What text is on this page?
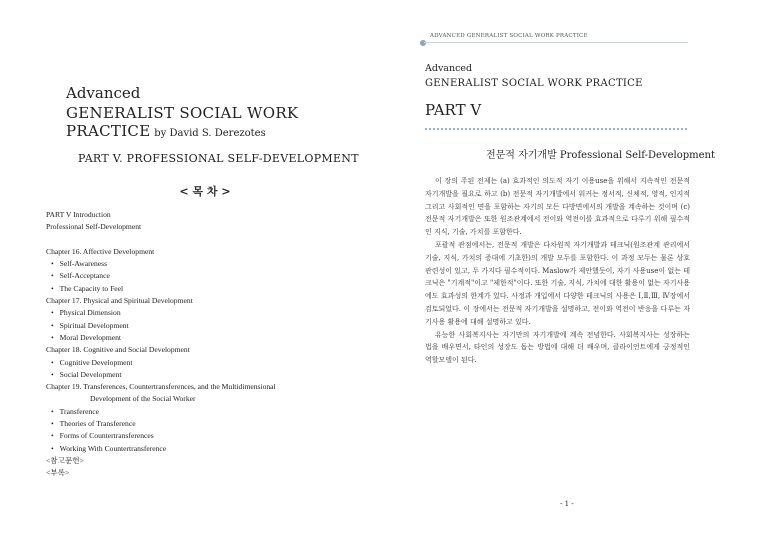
Advanced
GENERALIST SOCIAL WORK PRACTICE by David S. Derezotes
PART V. PROFESSIONAL SELF-DEVELOPMENT
< 목 차 >
PART V Introduction
Professional Self-Development

Chapter 16. Affective Development
• Self-Awareness
• Self-Acceptance
• The Capacity to Feel
Chapter 17. Physical and Spiritual Development
• Physical Dimension
• Spiritual Development
• Moral Development
Chapter 18. Cognitive and Social Development
• Cognitive Development
• Social Development
Chapter 19. Transferences, Countertransferences, and the Multidimensional
Development of the Social Worker
• Transference
• Theories of Transference
• Forms of Countertransferences
• Working With Countertransference
<참고문헌>
<부록>
ADVANCED GENERALIST SOCIAL WORK PRACTICE
Advanced
GENERALIST SOCIAL WORK PRACTICE
PART V
전문적 자기개발 Professional Self-Development

이 장의 주된 전제는 (a) 효과적인 의도적 자기 이용use을 위해서 지속적인 전문적 자기개발을 필요로 하고 (b) 전문적 자기개발에서 워커는 정서적, 신체적, 영적, 인지적 그리고 사회적인 면을 포함하는 자기의 모든 다방면에서의 개발을 계속하는 것이며 (c) 전문적 자기개발은 또한 원조관계에서 전이와 역전이를 효과적으로 다루기 위해 필수적인 지식, 기술, 가치를 포함한다.

포괄적 관점에서는, 전문적 개발은 다차원적 자기개발과 테크닉(원조관계 관리에서 기술, 지식, 가치의 증대에 기초한)의 개발 모두를 포함한다. 이 과정 모두는 물론 상호관련성이 있고, 두 가지다 필수적이다. Maslow가 제안했듯이, 자기 사용use이 없는 테크닉은 "기계적"이고 "제한적"이다. 또한 기술, 지식, 가치에 대한 활용이 없는 자기사용에도 효과성의 한계가 있다. 사정과 개입에서 다양한 테크닉의 사용은 Ⅰ,Ⅱ,Ⅲ, Ⅳ장에서 검토되었다. 이 장에서는 전문적 자기개발을 설명하고, 전이와 역전이 반응을 다루는 자기사용 활용에 대해 설명하고 있다.

유능한 사회복지사는 자기만의 자기개발에 계속 전념한다. 사회복지사는 성장하는 법을 배우면서, 타인의 성장도 돕는 방법에 대해 더 배우며, 클라이언트에게 긍정적인 역할모델이 된다.

- 1 -
